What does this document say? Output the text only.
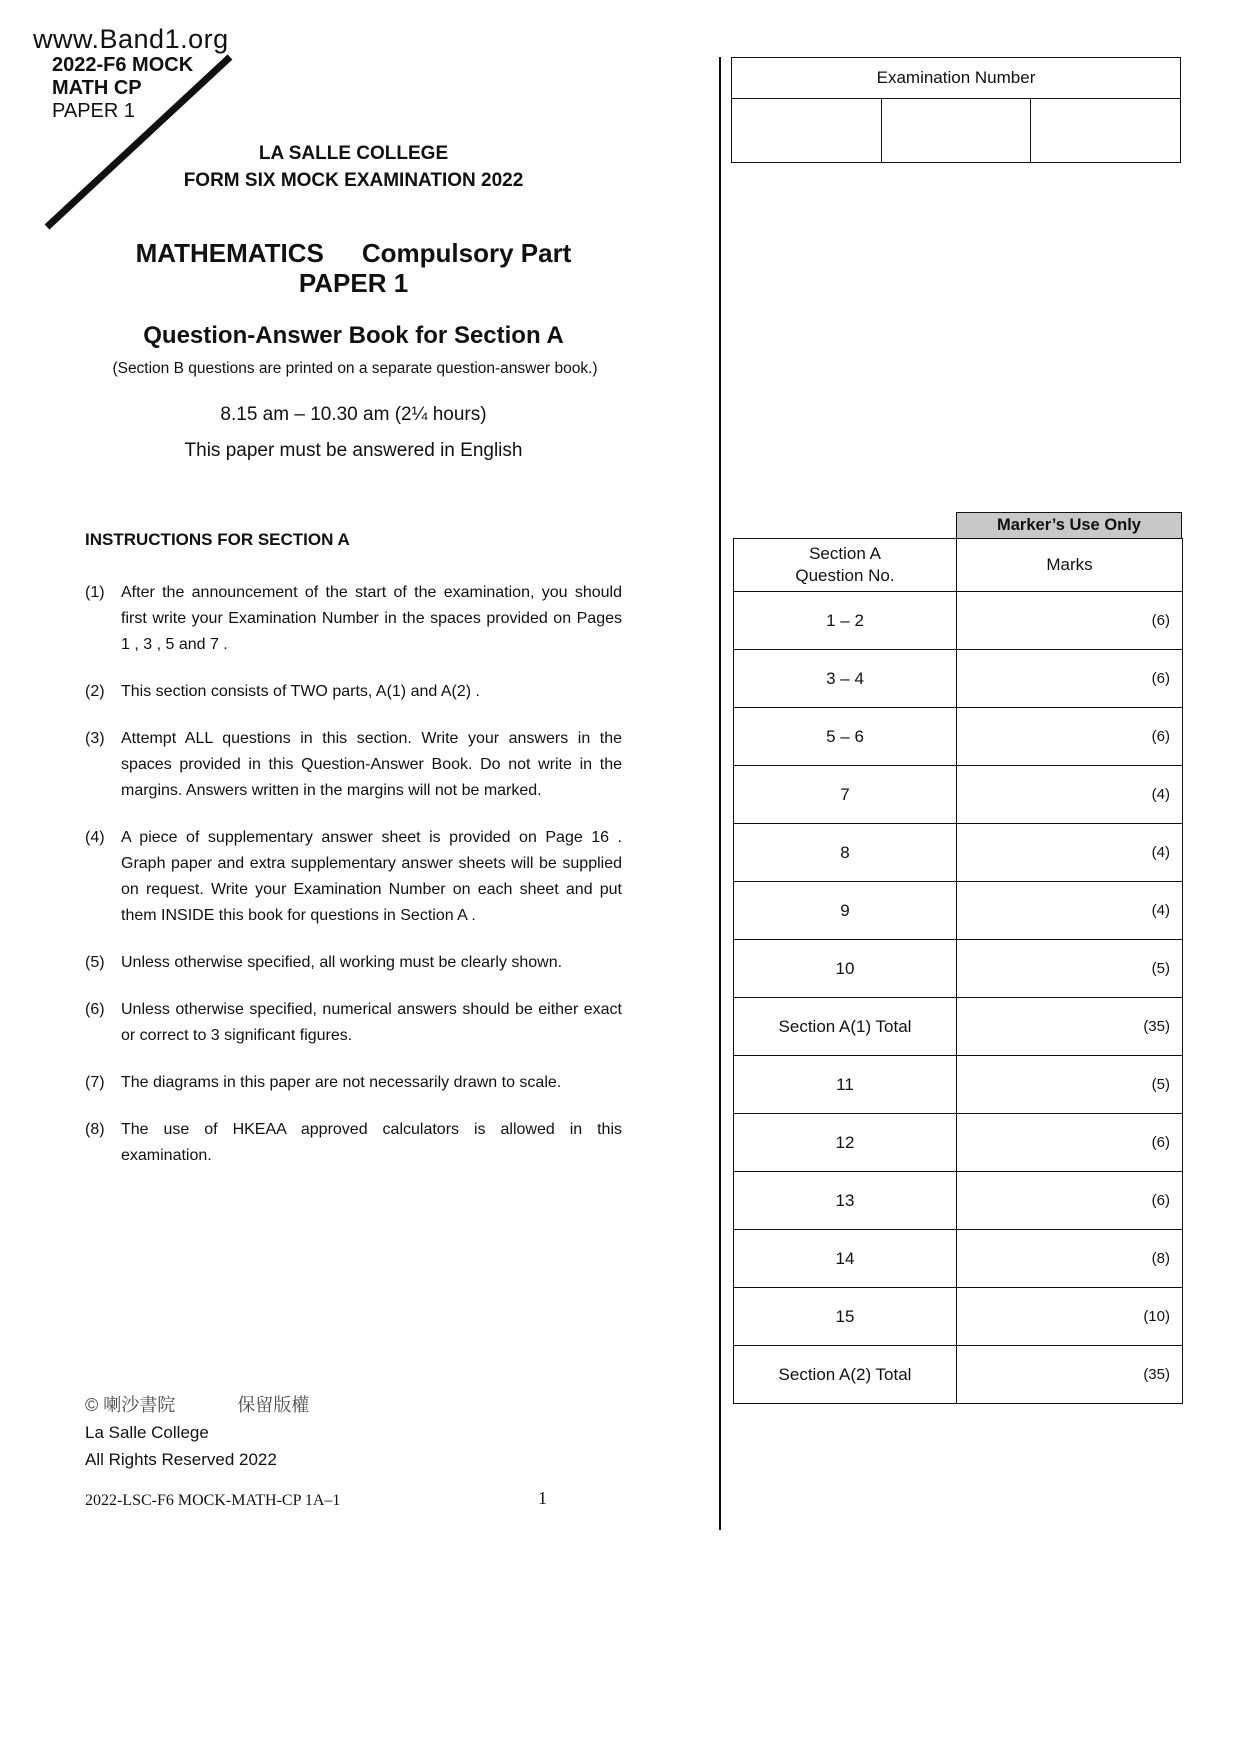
www.Band1.org
2022-F6 MOCK
MATH CP
PAPER 1
LA SALLE COLLEGE
FORM SIX MOCK EXAMINATION 2022
MATHEMATICS Compulsory Part
PAPER 1
Question-Answer Book for Section A
(Section B questions are printed on a separate question-answer book.)
8.15 am – 10.30 am (2¼ hours)
This paper must be answered in English
INSTRUCTIONS FOR SECTION A
(1)	After the announcement of the start of the examination, you should first write your Examination Number in the spaces provided on Pages 1 , 3 , 5 and 7 .
(2)	This section consists of TWO parts, A(1) and A(2) .
(3)	Attempt ALL questions in this section. Write your answers in the spaces provided in this Question-Answer Book. Do not write in the margins. Answers written in the margins will not be marked.
(4)	A piece of supplementary answer sheet is provided on Page 16 . Graph paper and extra supplementary answer sheets will be supplied on request. Write your Examination Number on each sheet and put them INSIDE this book for questions in Section A .
(5)	Unless otherwise specified, all working must be clearly shown.
(6)	Unless otherwise specified, numerical answers should be either exact or correct to 3 significant figures.
(7)	The diagrams in this paper are not necessarily drawn to scale.
(8)	The use of HKEAA approved calculators is allowed in this examination.
© 喇沙書院	保留版權
La Salle College
All Rights Reserved 2022
2022-LSC-F6 MOCK-MATH-CP 1A–1	1
Examination Number

Marker’s Use Only
Section A
Question No.	Marks
1 – 2	(6)
3 – 4	(6)
5 – 6	(6)
7	(4)
8	(4)
9	(4)
10	(5)
Section A(1) Total	(35)
11	(5)
12	(6)
13	(6)
14	(8)
15	(10)
Section A(2) Total	(35)
